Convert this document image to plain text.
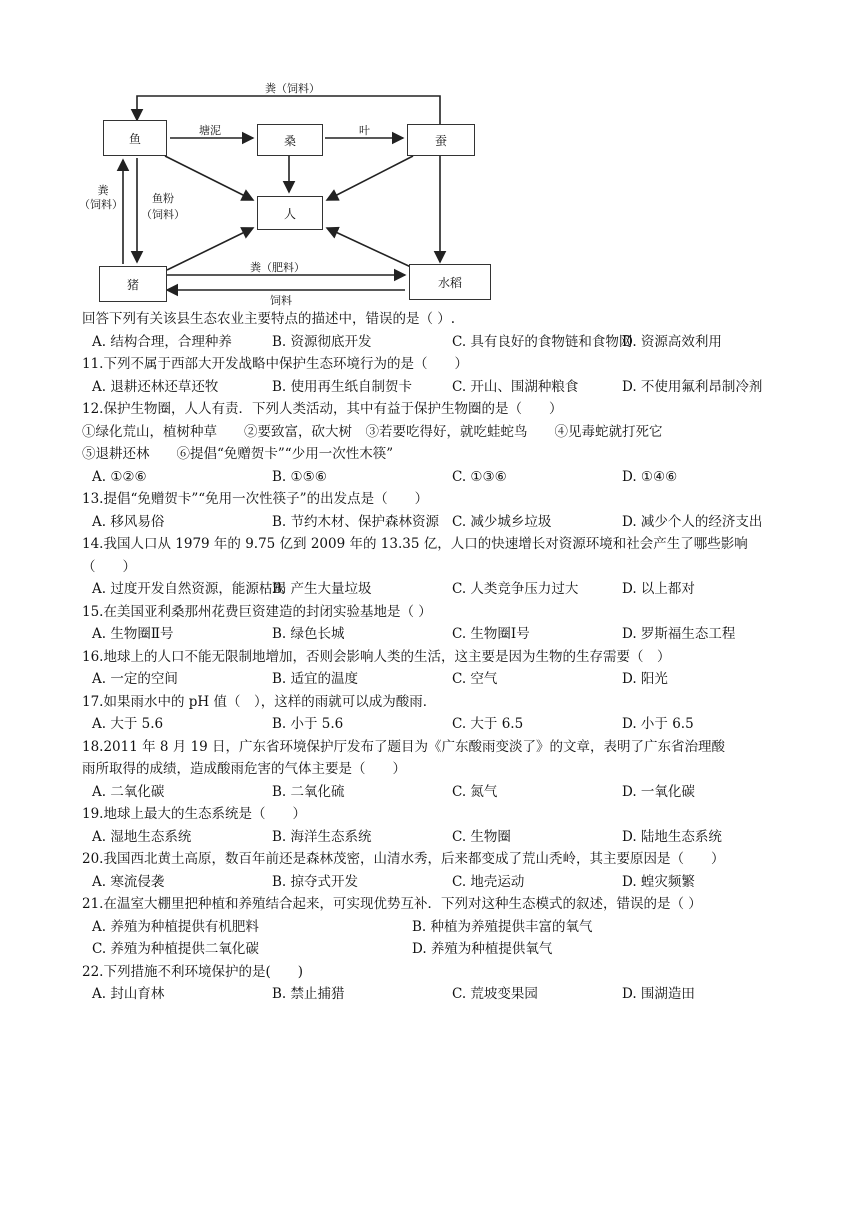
鱼	桑	蚕
人
猪	水稻
粪（饲料）
塘泥	叶
粪
（饲料）	鱼粉
（饲料）
粪（肥料）
饲料
回答下列有关该县生态农业主要特点的描述中，错误的是（ ）.
A. 结构合理，合理种养	B. 资源彻底开发	C. 具有良好的食物链和食物网
D. 资源高效利用
11.下列不属于西部大开发战略中保护生态环境行为的是（　　）
A. 退耕还林还草还牧	B. 使用再生纸自制贺卡	C. 开山、围湖种粮食	D. 不使用氟利昂制冷剂
12.保护生物圈，人人有责．下列人类活动，其中有益于保护生物圈的是（　　）
①绿化荒山，植树种草　　②要致富，砍大树　③若要吃得好，就吃蛙蛇鸟　　④见毒蛇就打死它
⑤退耕还林　　⑥提倡“免赠贺卡”“少用一次性木筷”
A. ①②⑥	B. ①⑤⑥	C. ①③⑥	D. ①④⑥
13.提倡“免赠贺卡”“免用一次性筷子”的出发点是（　　）
A. 移风易俗	B. 节约木材、保护森林资源 C. 减少城乡垃圾	D. 减少个人的经济支出
14.我国人口从 1979 年的 9.75 亿到 2009 年的 13.35 亿，人口的快速增长对资源环境和社会产生了哪些影响
（　　）
A. 过度开发自然资源，能源枯竭
B. 产生大量垃圾	C. 人类竞争压力过大	D. 以上都对
15.在美国亚利桑那州花费巨资建造的封闭实验基地是（ ）
A. 生物圈Ⅱ号	B. 绿色长城	C. 生物圈Ⅰ号	D. 罗斯福生态工程
16.地球上的人口不能无限制地增加，否则会影响人类的生活，这主要是因为生物的生存需要（　）
A. 一定的空间	B. 适宜的温度	C. 空气	D. 阳光
17.如果雨水中的 pH 值（　），这样的雨就可以成为酸雨．
A. 大于 5.6	B. 小于 5.6	C. 大于 6.5	D. 小于 6.5
18.2011 年 8 月 19 日，广东省环境保护厅发布了题目为《广东酸雨变淡了》的文章，表明了广东省治理酸
雨所取得的成绩，造成酸雨危害的气体主要是（　　）
A. 二氧化碳	B. 二氧化硫	C. 氮气	D. 一氧化碳
19.地球上最大的生态系统是（　　）
A. 湿地生态系统	B. 海洋生态系统	C. 生物圈	D. 陆地生态系统
20.我国西北黄土高原，数百年前还是森林茂密，山清水秀，后来都变成了荒山秃岭，其主要原因是（　　）
A. 寒流侵袭	B. 掠夺式开发	C. 地壳运动	D. 蝗灾频繁
21.在温室大棚里把种植和养殖结合起来，可实现优势互补．下列对这种生态模式的叙述，错误的是（ ）
A. 养殖为种植提供有机肥料	B. 种植为养殖提供丰富的氧气
C. 养殖为种植提供二氧化碳	D. 养殖为种植提供氧气
22.下列措施不利环境保护的是(　　)
A. 封山育林	B. 禁止捕猎	C. 荒坡变果园	D. 围湖造田
